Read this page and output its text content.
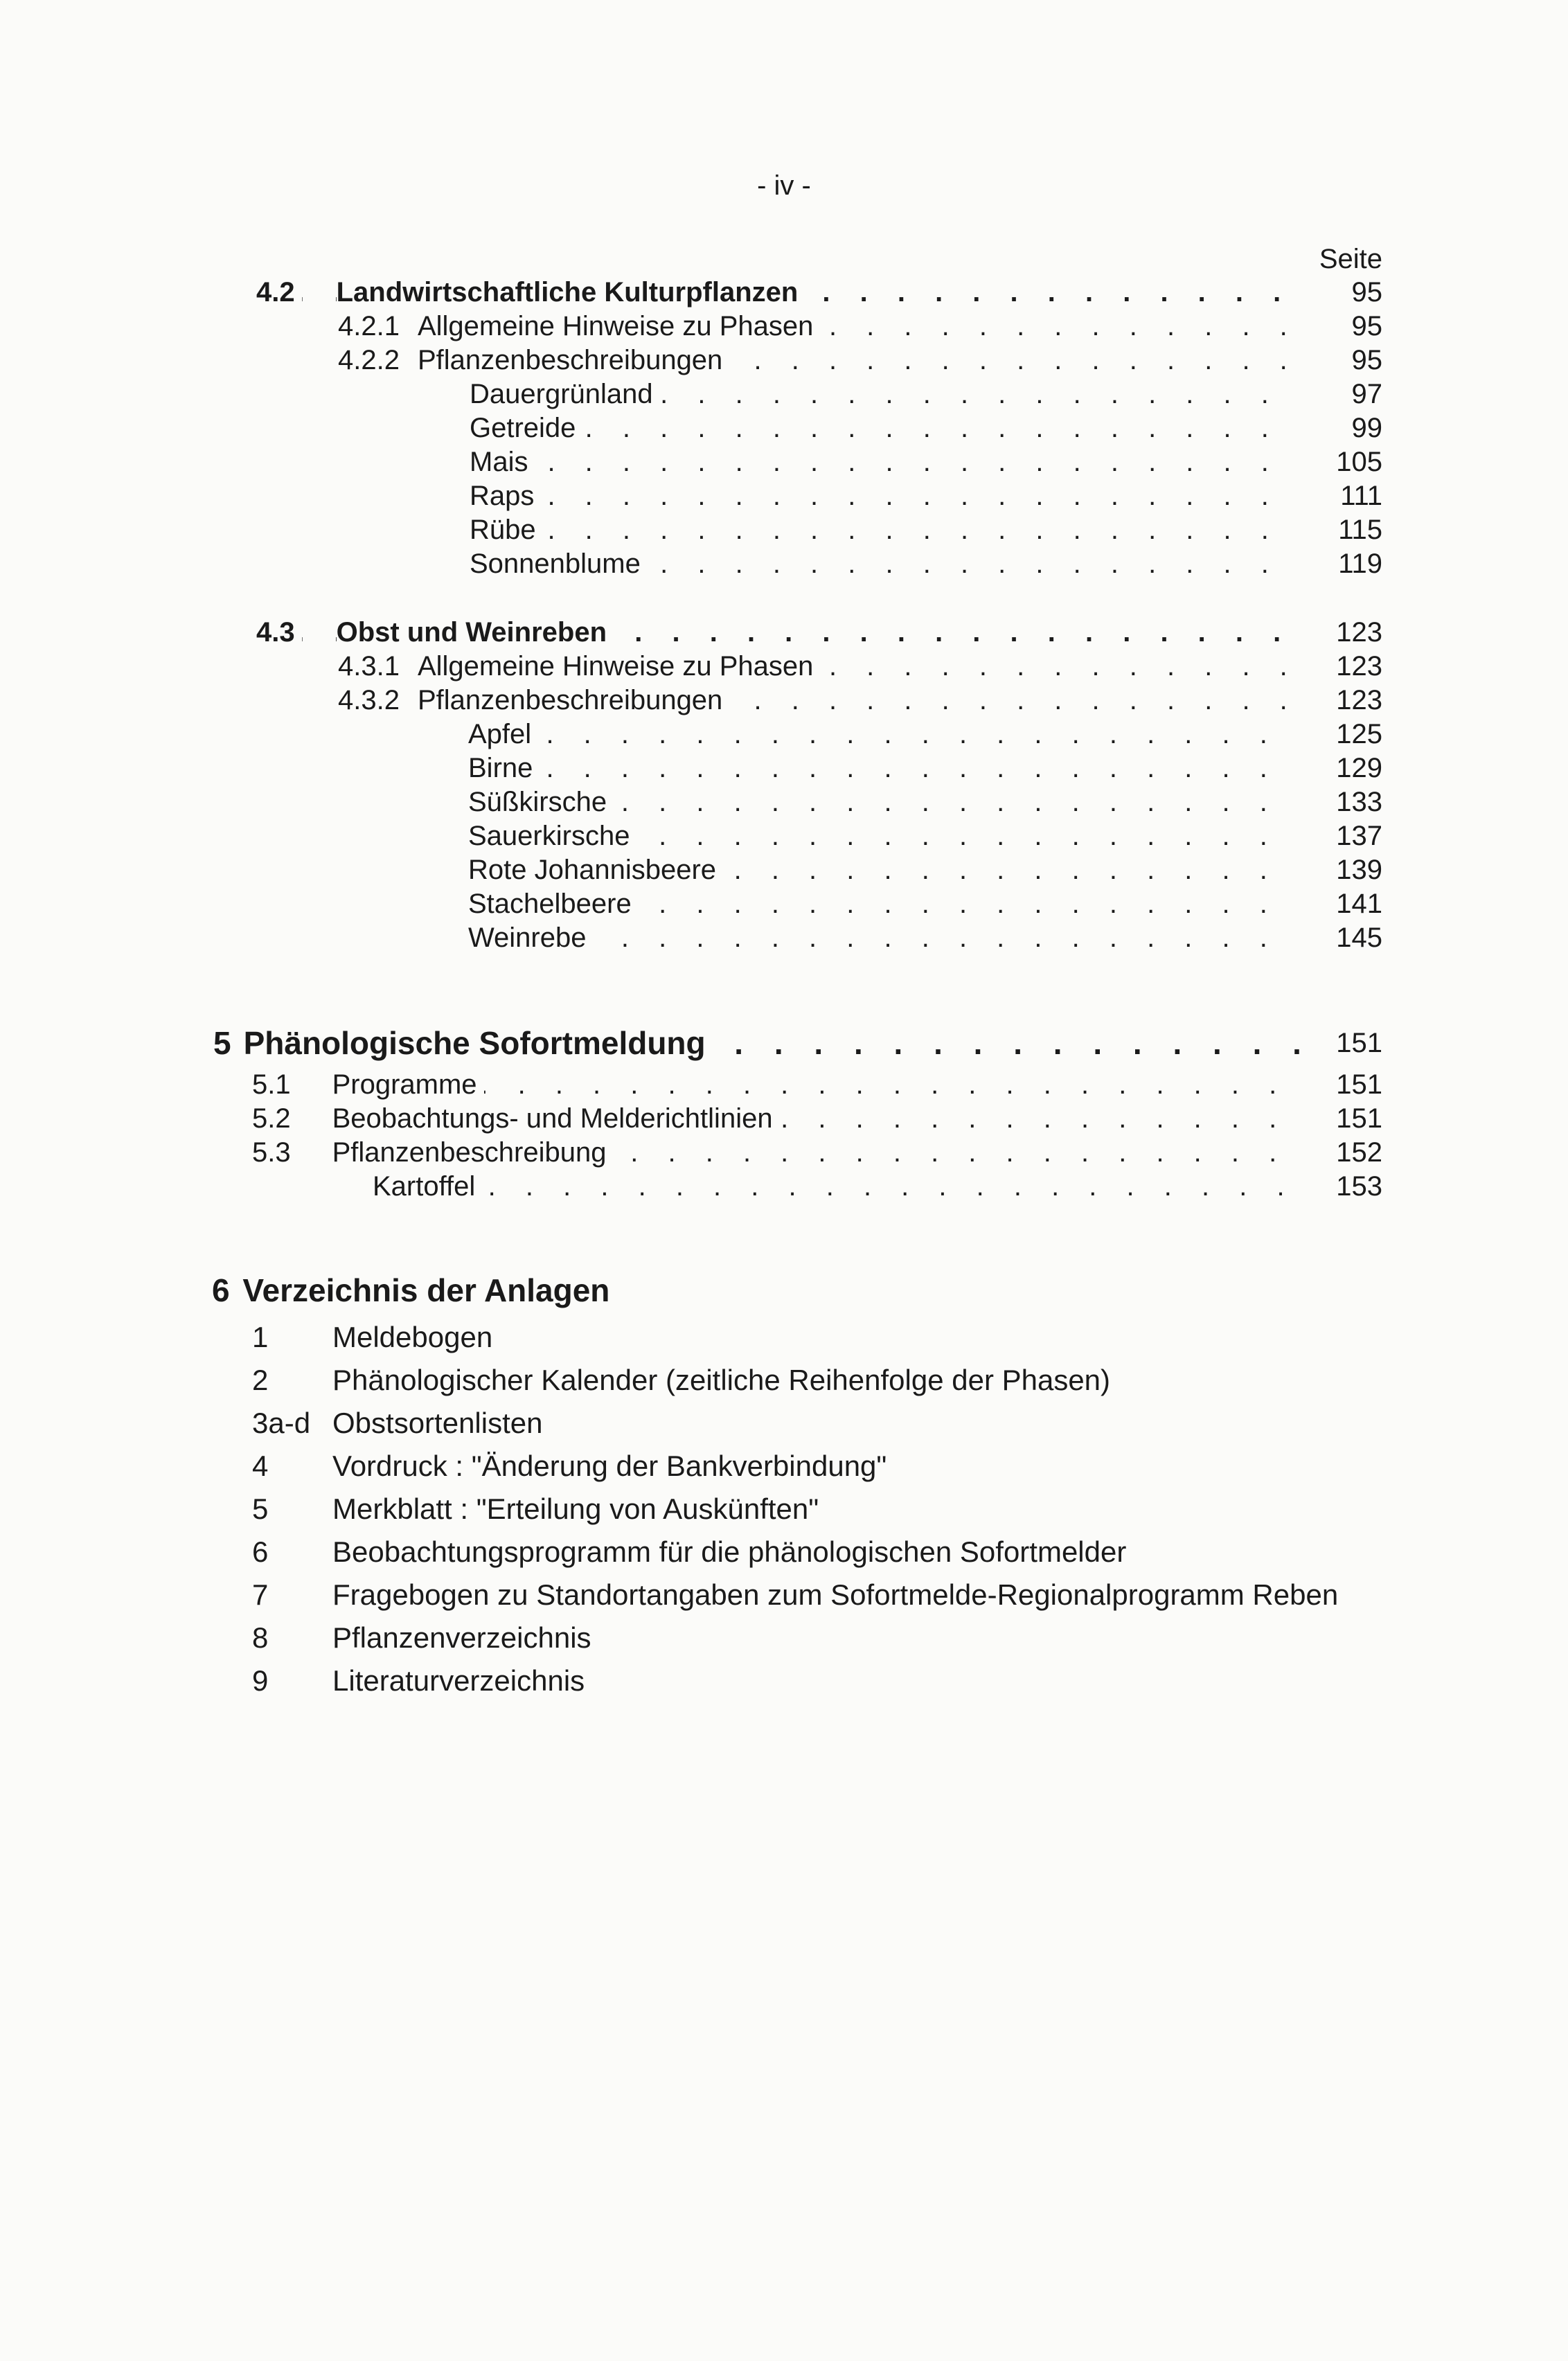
- iv -
Seite
4.2 Landwirtschaftliche Kulturpflanzen . . .	95
4.2.1 Allgemeine Hinweise zu Phasen . . .	95
4.2.2 Pflanzenbeschreibungen . . .	95
Dauergrünland . . .	97
Getreide . . .	99
Mais . . .	105
Raps . . .	111
Rübe . . .	115
Sonnenblume . . .	119
4.3 Obst und Weinreben . . .	123
4.3.1 Allgemeine Hinweise zu Phasen . . .	123
4.3.2 Pflanzenbeschreibungen . . .	123
Apfel . . .	125
Birne . . .	129
Süßkirsche . . .	133
Sauerkirsche . . .	137
Rote Johannisbeere . . .	139
Stachelbeere . . .	141
Weinrebe . . .	145
5 Phänologische Sofortmeldung . . .	151
5.1 Programme . . .	151
5.2 Beobachtungs- und Melderichtlinien . . .	151
5.3 Pflanzenbeschreibung . . .	152
Kartoffel . . .	153
6 Verzeichnis der Anlagen
1 Meldebogen
2 Phänologischer Kalender (zeitliche Reihenfolge der Phasen)
3a-d Obstsortenlisten
4 Vordruck : "Änderung der Bankverbindung"
5 Merkblatt : "Erteilung von Auskünften"
6 Beobachtungsprogramm für die phänologischen Sofortmelder
7 Fragebogen zu Standortangaben zum Sofortmelde-Regionalprogramm Reben
8 Pflanzenverzeichnis
9 Literaturverzeichnis
